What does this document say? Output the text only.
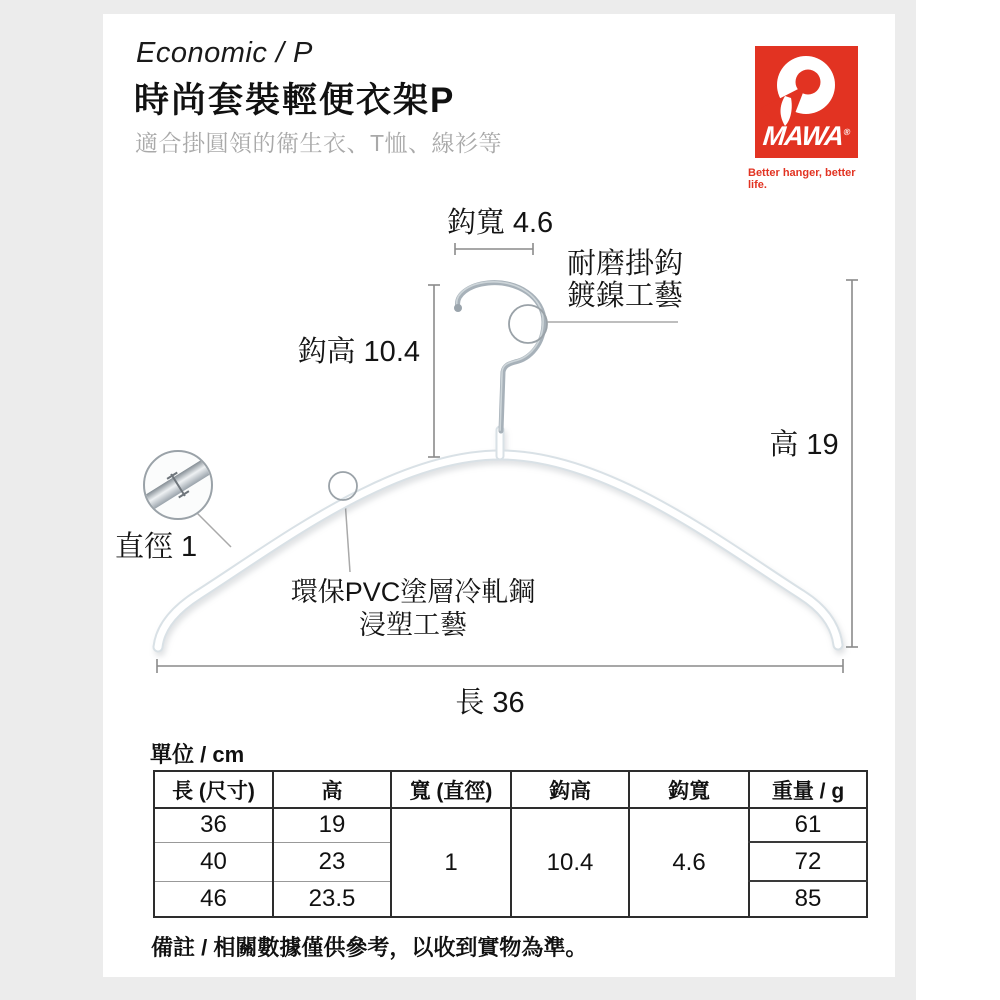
Economic / P
時尚套裝輕便衣架P
適合掛圓領的衛生衣、T恤、線衫等	MAWA®
Better hanger, better life.
鈎寬 4.6
鈎高 10.4
高 19
直徑 1
長 36
耐磨掛鈎
鍍鎳工藝
環保PVC塗層冷軋鋼
浸塑工藝
單位 / cm
長 (尺寸)	高	寬 (直徑)	鈎高	鈎寬	重量 / g
36	19	1	10.4	4.6	61
40	23				72
46	23.5				85
備註 / 相關數據僅供參考，以收到實物為準。
